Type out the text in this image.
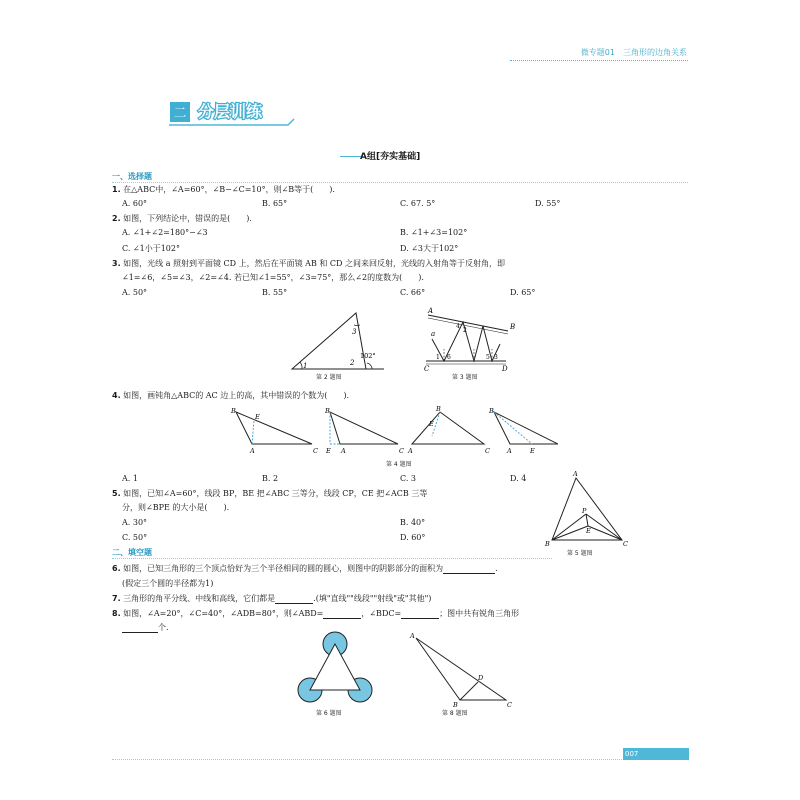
微专题01　三角形的边角关系
二 分层训练
A组[夯实基础]
一、选择题
1. 在△ABC中，∠A=60°，∠B−∠C=10°，则∠B等于(　　).
A. 60°	B. 65°	C. 67. 5°	D. 55°
2. 如图，下列结论中，错误的是(　　).
A. ∠1+∠2=180°−∠3	B. ∠1+∠3=102°
C. ∠1小于102°	D. ∠3大于102°
3. 如图，光线 a 照射到平面镜 CD 上，然后在平面镜 AB 和 CD 之间来回反射，光线的入射角等于反射角，即
∠1=∠6，∠5=∠3，∠2=∠4. 若已知∠1=55°，∠3=75°，那么∠2的度数为(　　).
A. 50°	B. 55°	C. 66°	D. 65°
1	2
3
102°
第 2 题图
A
B
C	D
a
1
2
3
4
5
6
第 3 题图
4. 如图，画钝角△ABC的 AC 边上的高，其中错误的个数为(　　).
B
E
A	C
B
E A	C A
B
E
C
B
A	E
第 4 题图
A. 1	B. 2	C. 3	D. 4
5. 如图，已知∠A=60°，线段 BP，BE 把∠ABC 三等分，线段 CP，CE 把∠ACB 三等
分，则∠BPE 的大小是(　　).
A. 30°	B. 40°
C. 50°	D. 60°
A
B	C
P
E
第 5 题图
二、填空题
6. 如图，已知三角形的三个顶点恰好为三个半径相同的圆的圆心，则图中的阴影部分的面积为	.
(假定三个圆的半径都为1)
7. 三角形的角平分线、中线和高线，它们都是	.(填"直线""线段""射线"或"其他")
8. 如图，∠A=20°，∠C=40°，∠ADB=80°，则∠ABD=	，∠BDC=	；图中共有锐角三角形
个.
第 6 题图
A
B	C
D
第 8 题图
007
